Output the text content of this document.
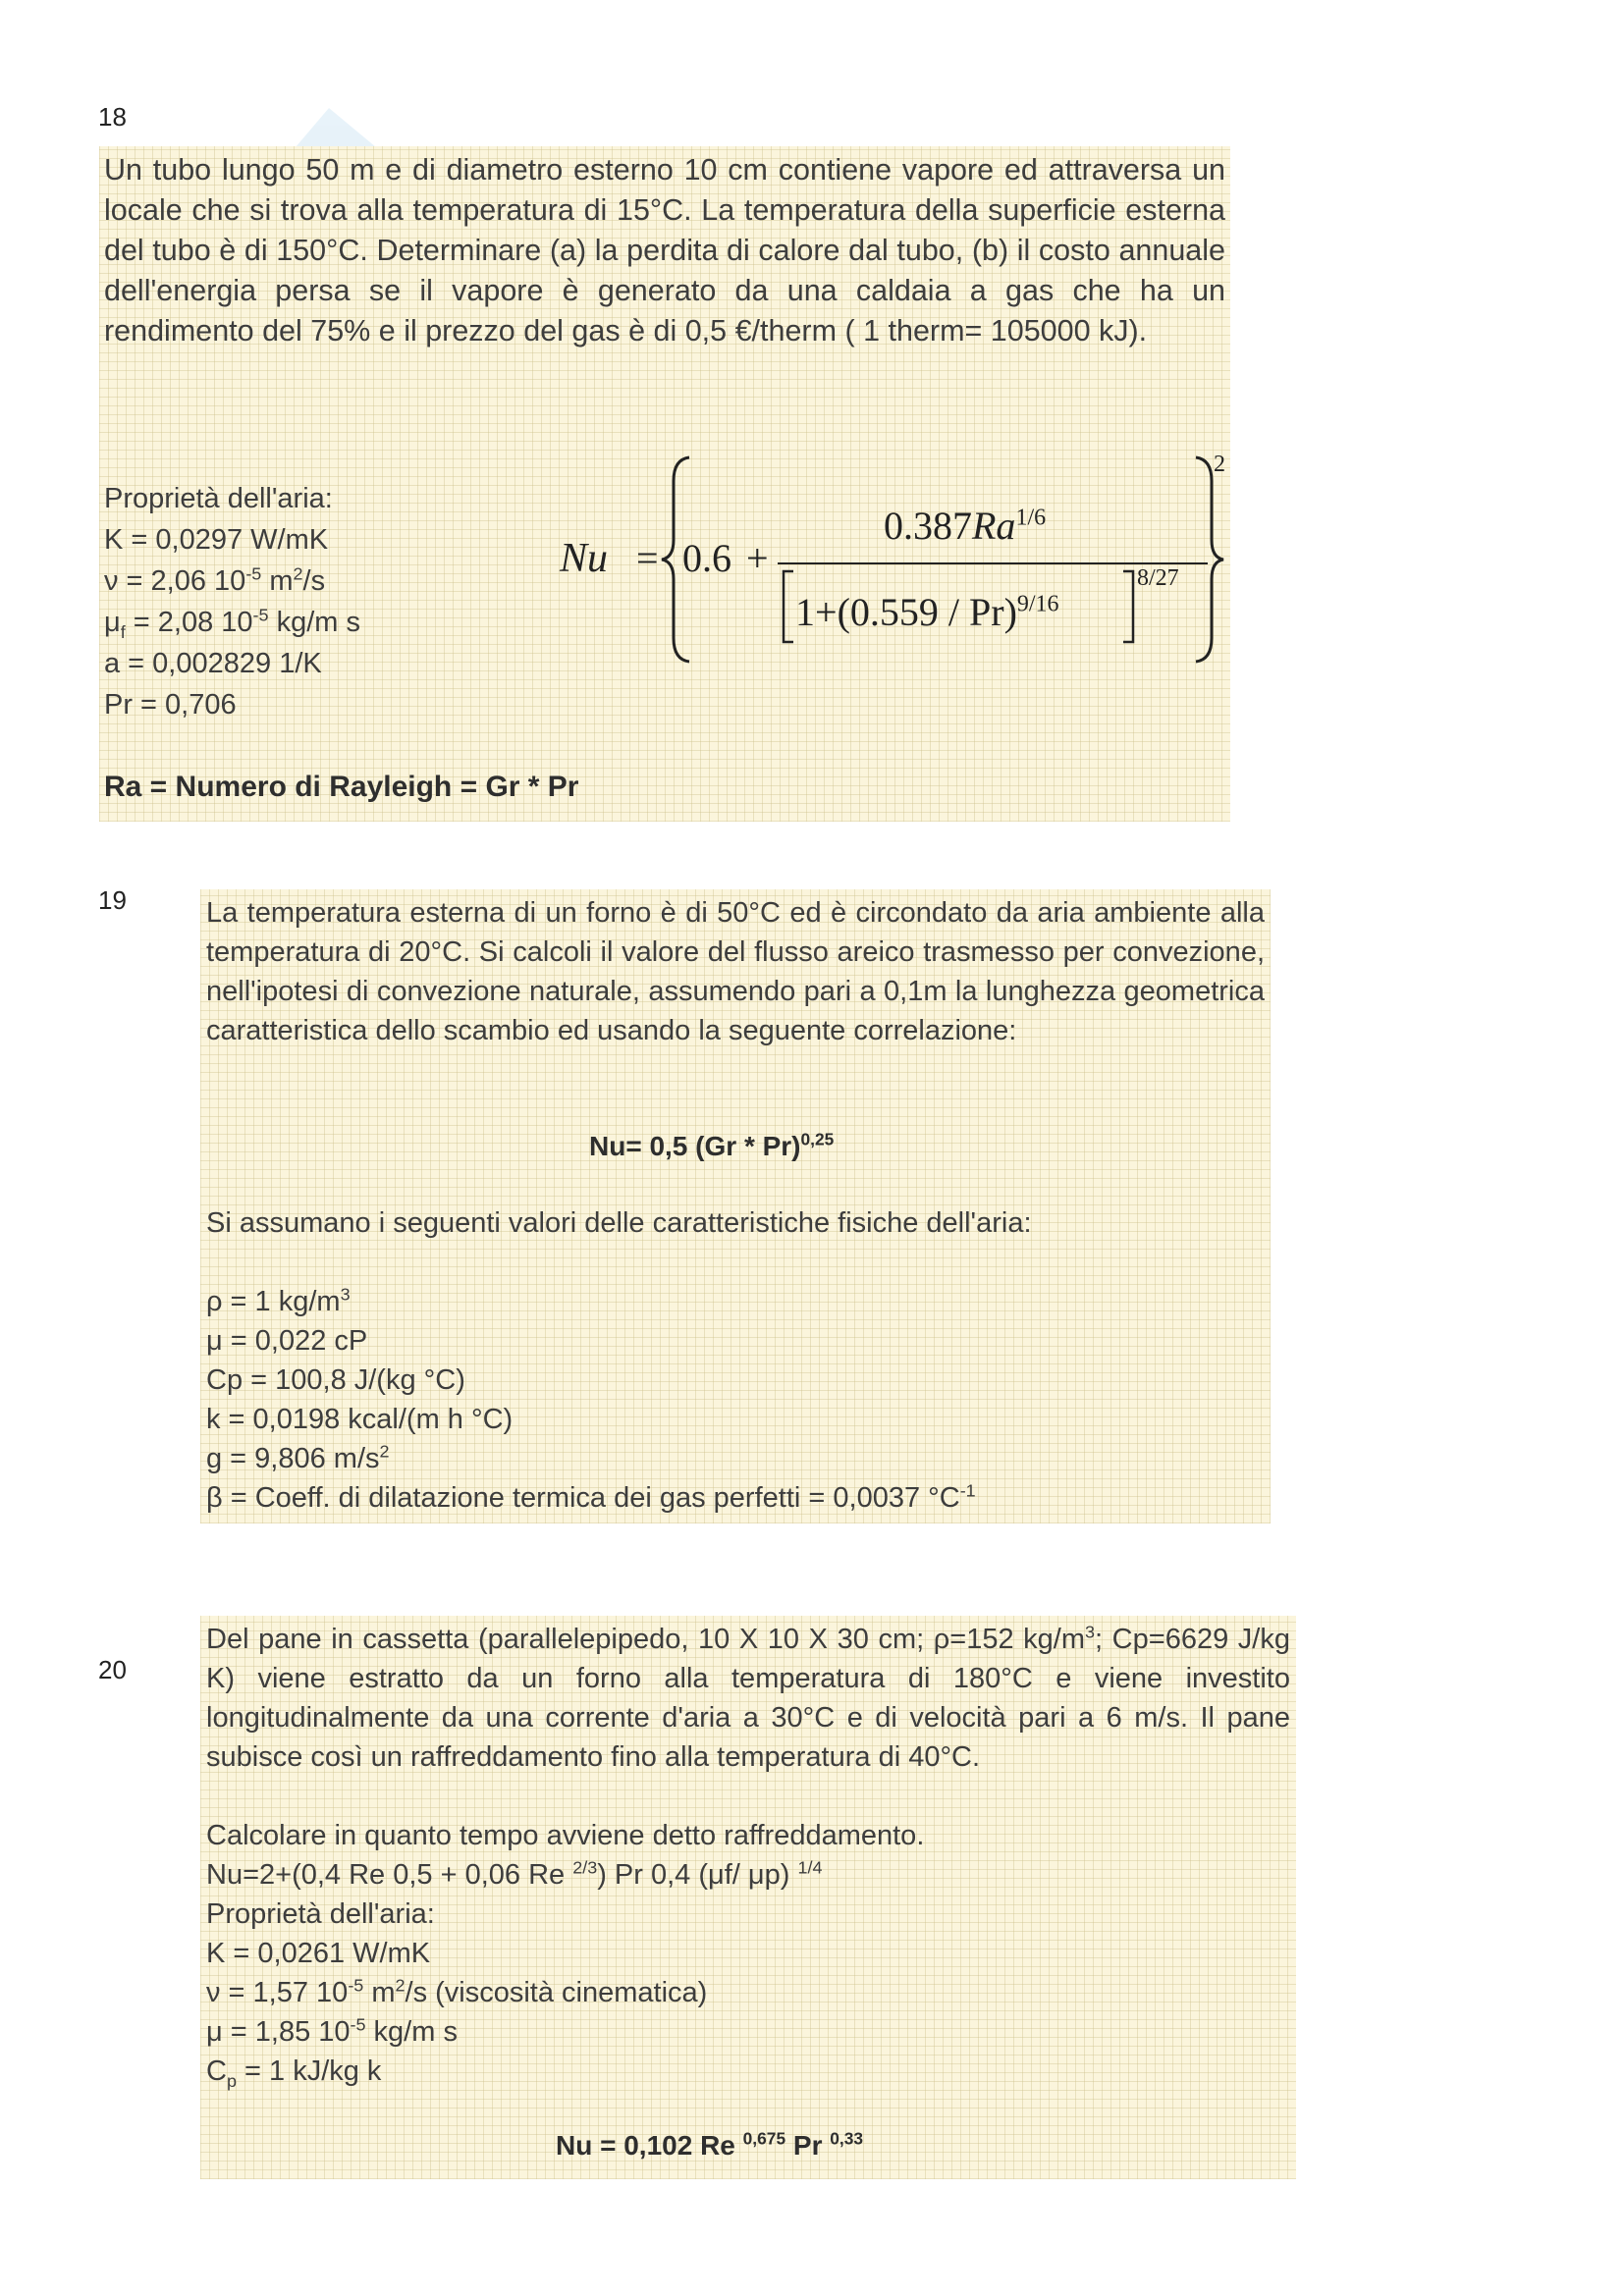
18
Un tubo lungo 50 m e di diametro esterno 10 cm contiene vapore ed attraversa un locale che si trova alla temperatura di 15°C. La temperatura della superficie esterna del tubo è di 150°C. Determinare (a) la perdita di calore dal tubo, (b) il costo annuale dell'energia persa se il vapore è generato da una caldaia a gas che ha un rendimento del 75% e il prezzo del gas è di 0,5 €/therm ( 1 therm= 105000 kJ).
Proprietà dell'aria:
K = 0,0297 W/mK
ν = 2,06 $10^{-5}$ $m^2/s$
$\mu_f = 2,08$ $10^{-5}$ kg/m s
a = 0,002829 1/K
Pr = 0,706
Nu = 0.6 +
$0.387Ra^{1/6}$
1+(0.559 / Pr)$^{9/16}$
8/27
2
Ra = Numero di Rayleigh = Gr * Pr
19	La temperatura esterna di un forno è di 50°C ed è circondato da aria ambiente alla temperatura di 20°C. Si calcoli il valore del flusso areico trasmesso per convezione, nell'ipotesi di convezione naturale, assumendo pari a 0,1m la lunghezza geometrica caratteristica dello scambio ed usando la seguente correlazione:
Nu= 0,5 (Gr * Pr)$^{0,25}$
Si assumano i seguenti valori delle caratteristiche fisiche dell'aria:
ρ = 1 $kg/m^3$
μ = 0,022 cP
Cp = 100,8 J/(kg °C)
k = 0,0198 kcal/(m h °C)
g = 9,806 $m/s^2$
β = Coeff. di dilatazione termica dei gas perfetti = 0,0037 $^\circ C^{-1}$
20
Del pane in cassetta (parallelepipedo, 10 X 10 X 30 cm; ρ=152 $kg/m^3$; Cp=6629 J/kg K) viene estratto da un forno alla temperatura di 180°C e viene investito longitudinalmente da una corrente d'aria a 30°C e di velocità pari a 6 m/s. Il pane subisce così un raffreddamento fino alla temperatura di 40°C.
Calcolare in quanto tempo avviene detto raffreddamento.
Nu=2+(0,4 Re 0,5 + 0,06 Re $^{2/3}$) Pr 0,4 (μf/ μp) $^{1/4}$
Proprietà dell'aria:
K = 0,0261 W/mK
ν = 1,57 $10^{-5}$ $m^2/s$ (viscosità cinematica)
μ = 1,85 $10^{-5}$ kg/m s
$C_p = 1$ kJ/kg k
Nu = 0,102 Re $^{0,675}$ Pr $^{0,33}$
